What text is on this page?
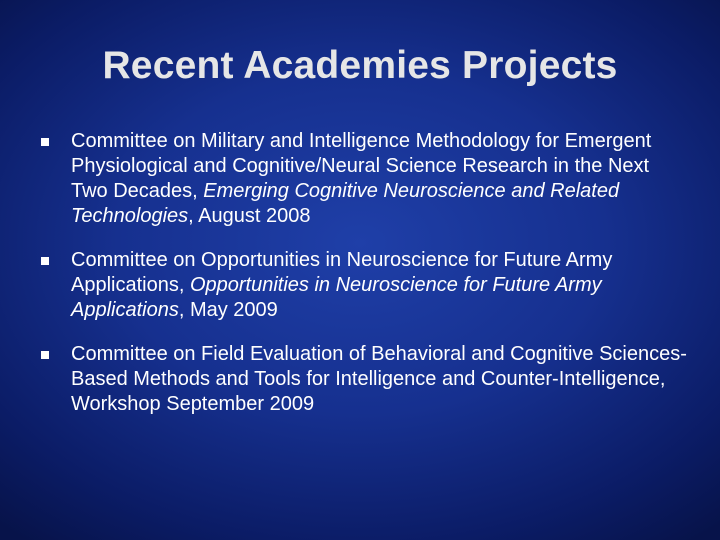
Recent Academies Projects
Committee on Military and Intelligence Methodology for Emergent Physiological and Cognitive/Neural Science Research in the Next Two Decades, Emerging Cognitive Neuroscience and Related Technologies, August 2008
Committee on Opportunities in Neuroscience for Future Army Applications, Opportunities in Neuroscience for Future Army Applications, May 2009
Committee on Field Evaluation of Behavioral and Cognitive Sciences-Based Methods and Tools for Intelligence and Counter-Intelligence, Workshop September 2009
